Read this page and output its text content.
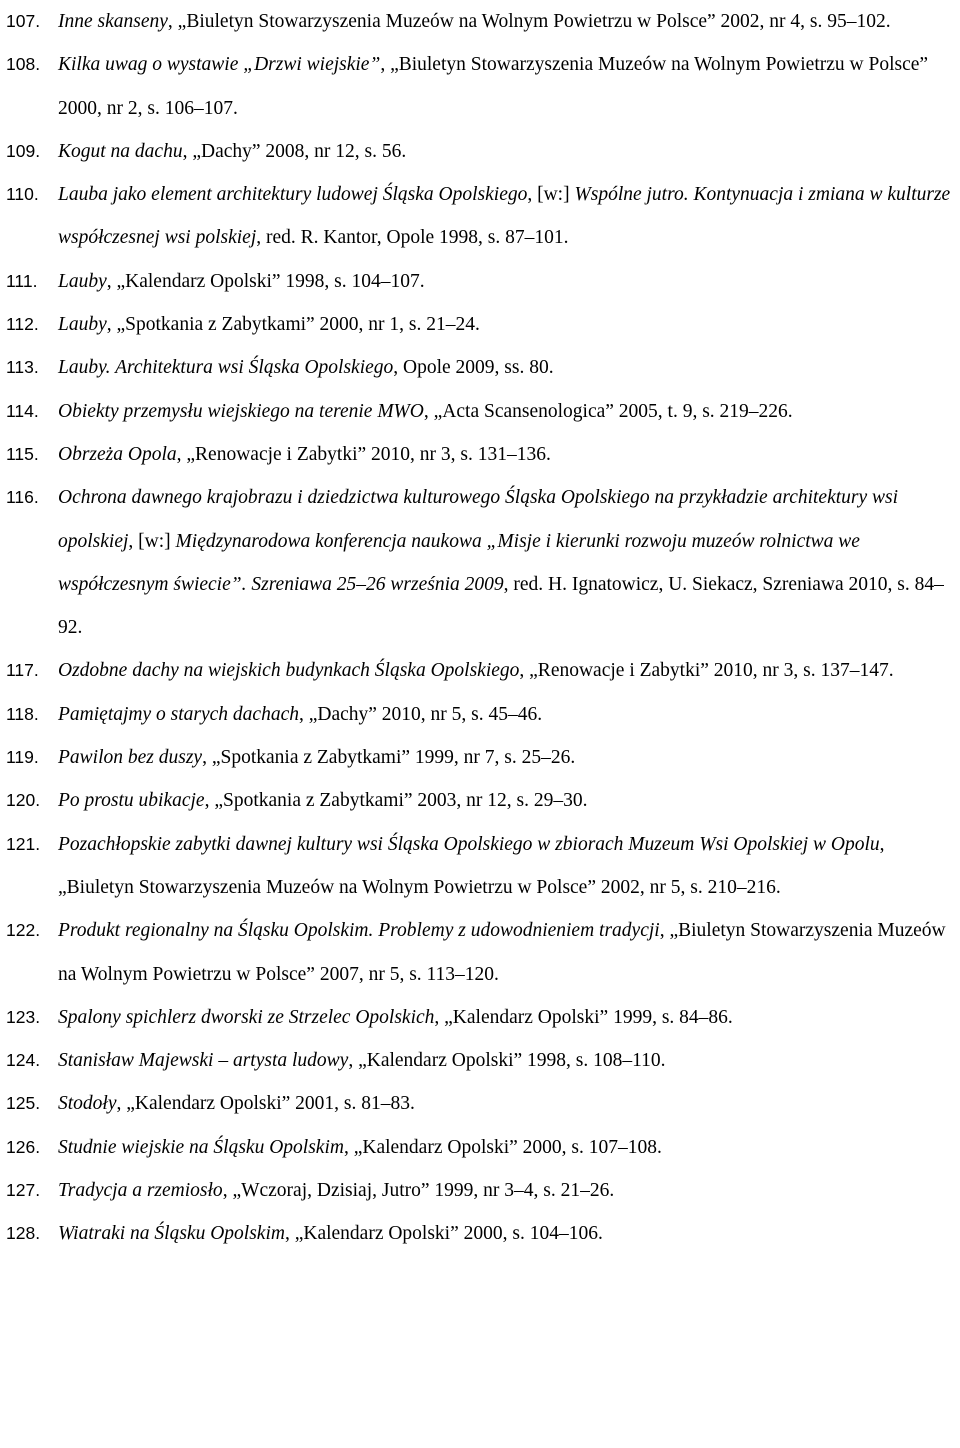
107. Inne skanseny, „Biuletyn Stowarzyszenia Muzeów na Wolnym Powietrzu w Polsce” 2002, nr 4, s. 95–102.
108. Kilka uwag o wystawie „Drzwi wiejskie”, „Biuletyn Stowarzyszenia Muzeów na Wolnym Powietrzu w Polsce” 2000, nr 2, s. 106–107.
109. Kogut na dachu, „Dachy” 2008, nr 12, s. 56.
110. Lauba jako element architektury ludowej Śląska Opolskiego, [w:] Wspólne jutro. Kontynuacja i zmiana w kulturze współczesnej wsi polskiej, red. R. Kantor, Opole 1998, s. 87–101.
111. Lauby, „Kalendarz Opolski” 1998, s. 104–107.
112. Lauby, „Spotkania z Zabytkami” 2000, nr 1, s. 21–24.
113. Lauby. Architektura wsi Śląska Opolskiego, Opole 2009, ss. 80.
114. Obiekty przemysłu wiejskiego na terenie MWO, „Acta Scansenologica” 2005, t. 9, s. 219–226.
115. Obrzeża Opola, „Renowacje i Zabytki” 2010, nr 3, s. 131–136.
116. Ochrona dawnego krajobrazu i dziedzictwa kulturowego Śląska Opolskiego na przykładzie architektury wsi opolskiej, [w:] Międzynarodowa konferencja naukowa „Misje i kierunki rozwoju muzeów rolnictwa we współczesnym świecie”. Szreniawa 25–26 września 2009, red. H. Ignatowicz, U. Siekacz, Szreniawa 2010, s. 84–92.
117. Ozdobne dachy na wiejskich budynkach Śląska Opolskiego, „Renowacje i Zabytki” 2010, nr 3, s. 137–147.
118. Pamiętajmy o starych dachach, „Dachy” 2010, nr 5, s. 45–46.
119. Pawilon bez duszy, „Spotkania z Zabytkami” 1999, nr 7, s. 25–26.
120. Po prostu ubikacje, „Spotkania z Zabytkami” 2003, nr 12, s. 29–30.
121. Pozachłopskie zabytki dawnej kultury wsi Śląska Opolskiego w zbiorach Muzeum Wsi Opolskiej w Opolu, „Biuletyn Stowarzyszenia Muzeów na Wolnym Powietrzu w Polsce” 2002, nr 5, s. 210–216.
122. Produkt regionalny na Śląsku Opolskim. Problemy z udowodnieniem tradycji, „Biuletyn Stowarzyszenia Muzeów na Wolnym Powietrzu w Polsce” 2007, nr 5, s. 113–120.
123. Spalony spichlerz dworski ze Strzelec Opolskich, „Kalendarz Opolski” 1999, s. 84–86.
124. Stanisław Majewski – artysta ludowy, „Kalendarz Opolski” 1998, s. 108–110.
125. Stodoły, „Kalendarz Opolski” 2001, s. 81–83.
126. Studnie wiejskie na Śląsku Opolskim, „Kalendarz Opolski” 2000, s. 107–108.
127. Tradycja a rzemiosło, „Wczoraj, Dzisiaj, Jutro” 1999, nr 3–4, s. 21–26.
128. Wiatraki na Śląsku Opolskim, „Kalendarz Opolski” 2000, s. 104–106.
